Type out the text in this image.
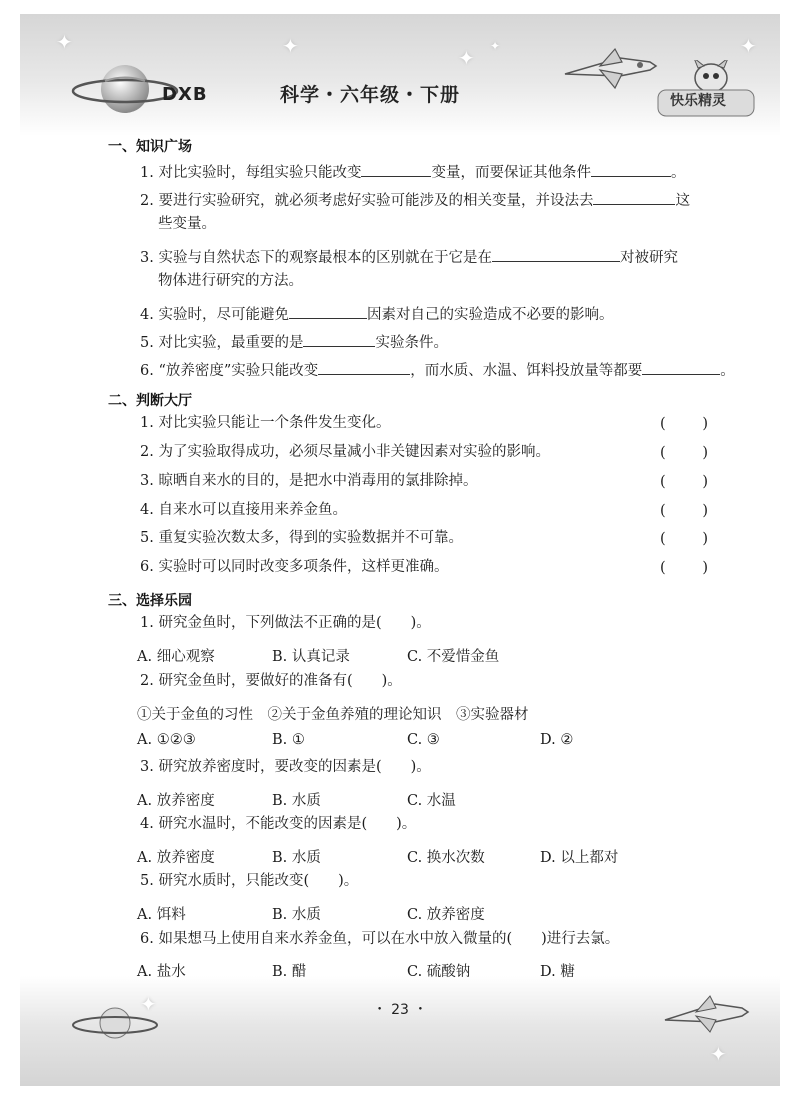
✦	✦	✦ ✦	✦
✦
✦
DXB	科学・六年级・下册	快乐精灵
一、知识广场
1. 对比实验时，每组实验只能改变	变量，而要保证其他条件	。
2. 要进行实验研究，就必须考虑好实验可能涉及的相关变量，并设法去	这
些变量。
3. 实验与自然状态下的观察最根本的区别就在于它是在	对被研究
物体进行研究的方法。
4. 实验时，尽可能避免	因素对自己的实验造成不必要的影响。
5. 对比实验，最重要的是	实验条件。
6. “放养密度”实验只能改变	，而水质、水温、饵料投放量等都要	。
二、判断大厅
1. 对比实验只能让一个条件发生变化。	(	)
2. 为了实验取得成功，必须尽量减小非关键因素对实验的影响。	(	)
3. 晾晒自来水的目的，是把水中消毒用的氯排除掉。	(	)
4. 自来水可以直接用来养金鱼。	(	)
5. 重复实验次数太多，得到的实验数据并不可靠。	(	)
6. 实验时可以同时改变多项条件，这样更准确。	(	)
三、选择乐园
1. 研究金鱼时，下列做法不正确的是(　　)。
A. 细心观察	B. 认真记录	C. 不爱惜金鱼
2. 研究金鱼时，要做好的准备有(　　)。
①关于金鱼的习性　②关于金鱼养殖的理论知识　③实验器材
A. ①②③	B. ①	C. ③	D. ②
3. 研究放养密度时，要改变的因素是(　　)。
A. 放养密度	B. 水质	C. 水温
4. 研究水温时，不能改变的因素是(　　)。
A. 放养密度	B. 水质	C. 换水次数	D. 以上都对
5. 研究水质时，只能改变(　　)。
A. 饵料	B. 水质	C. 放养密度
6. 如果想马上使用自来水养金鱼，可以在水中放入微量的(　　)进行去氯。
A. 盐水	B. 醋	C. 硫酸钠	D. 糖
・ 23 ・
